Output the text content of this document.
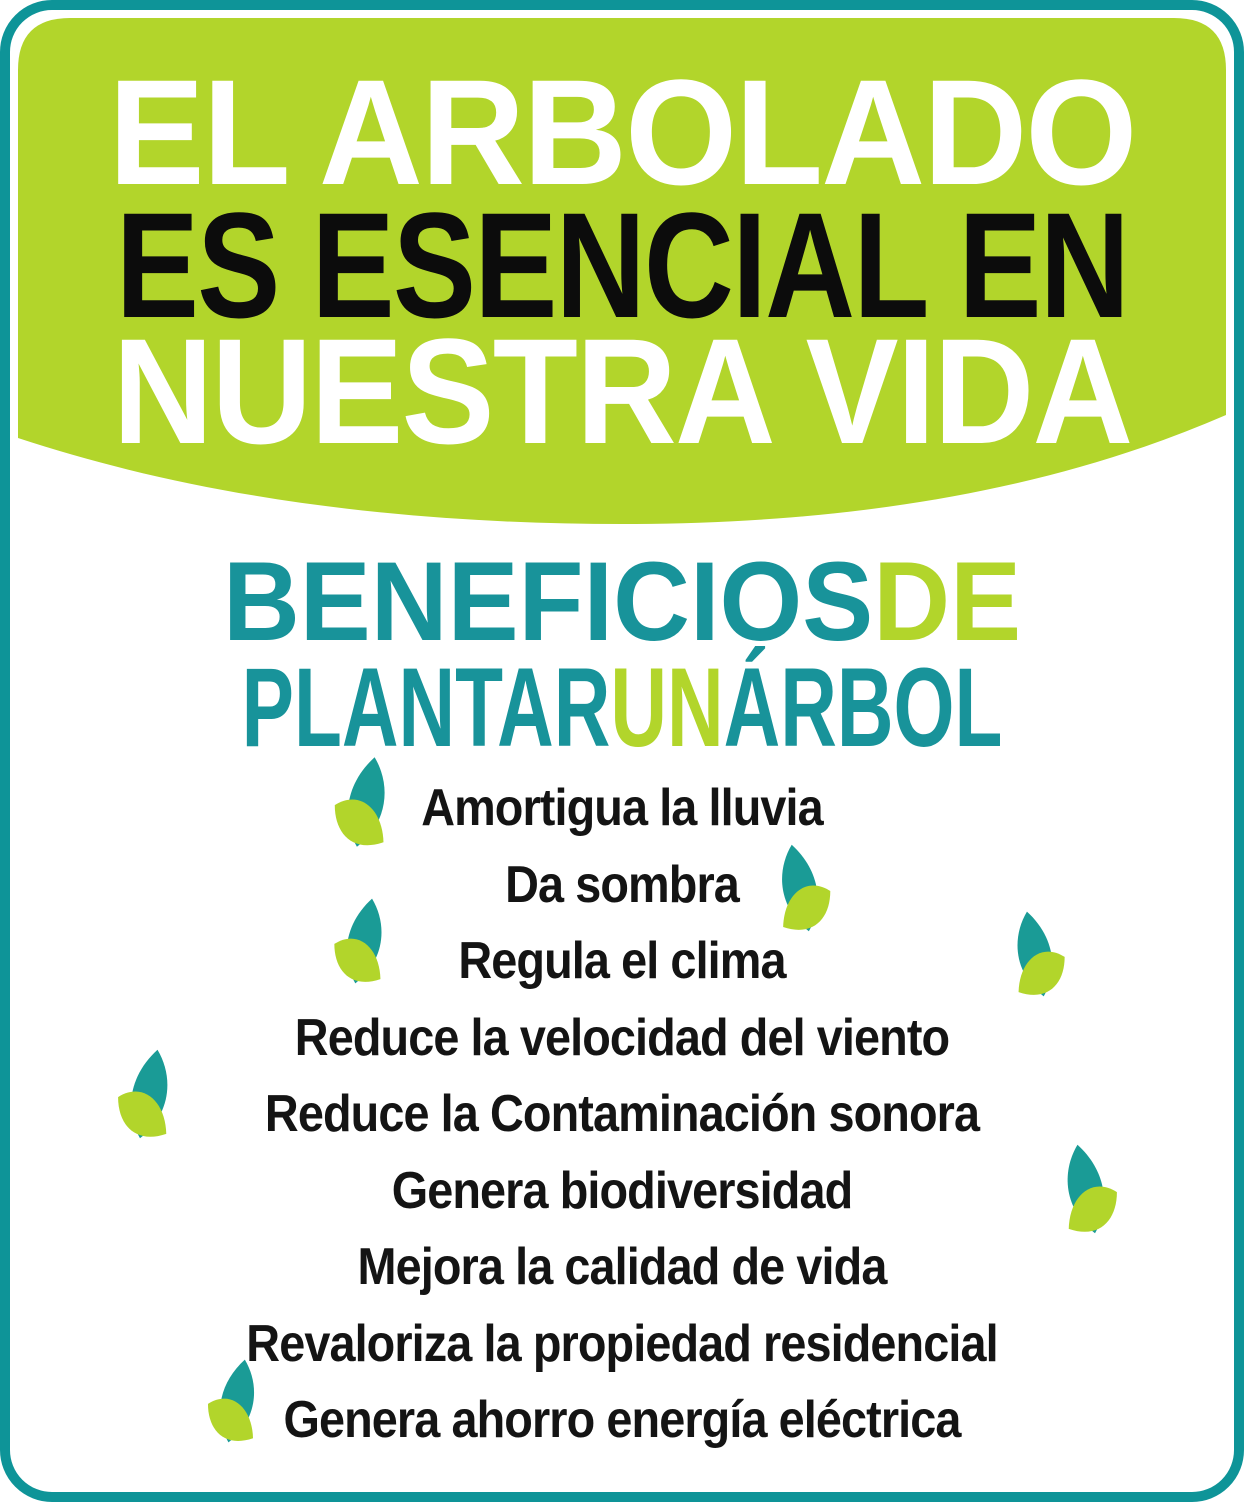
EL ARBOLADO
ES ESENCIAL EN
NUESTRA VIDA
BENEFICIOSDE
PLANTARUNÁRBOL
Amortigua la lluvia
Da sombra
Regula el clima
Reduce la velocidad del viento
Reduce la Contaminación sonora
Genera biodiversidad
Mejora la calidad de vida
Revaloriza la propiedad residencial
Genera ahorro energía eléctrica
